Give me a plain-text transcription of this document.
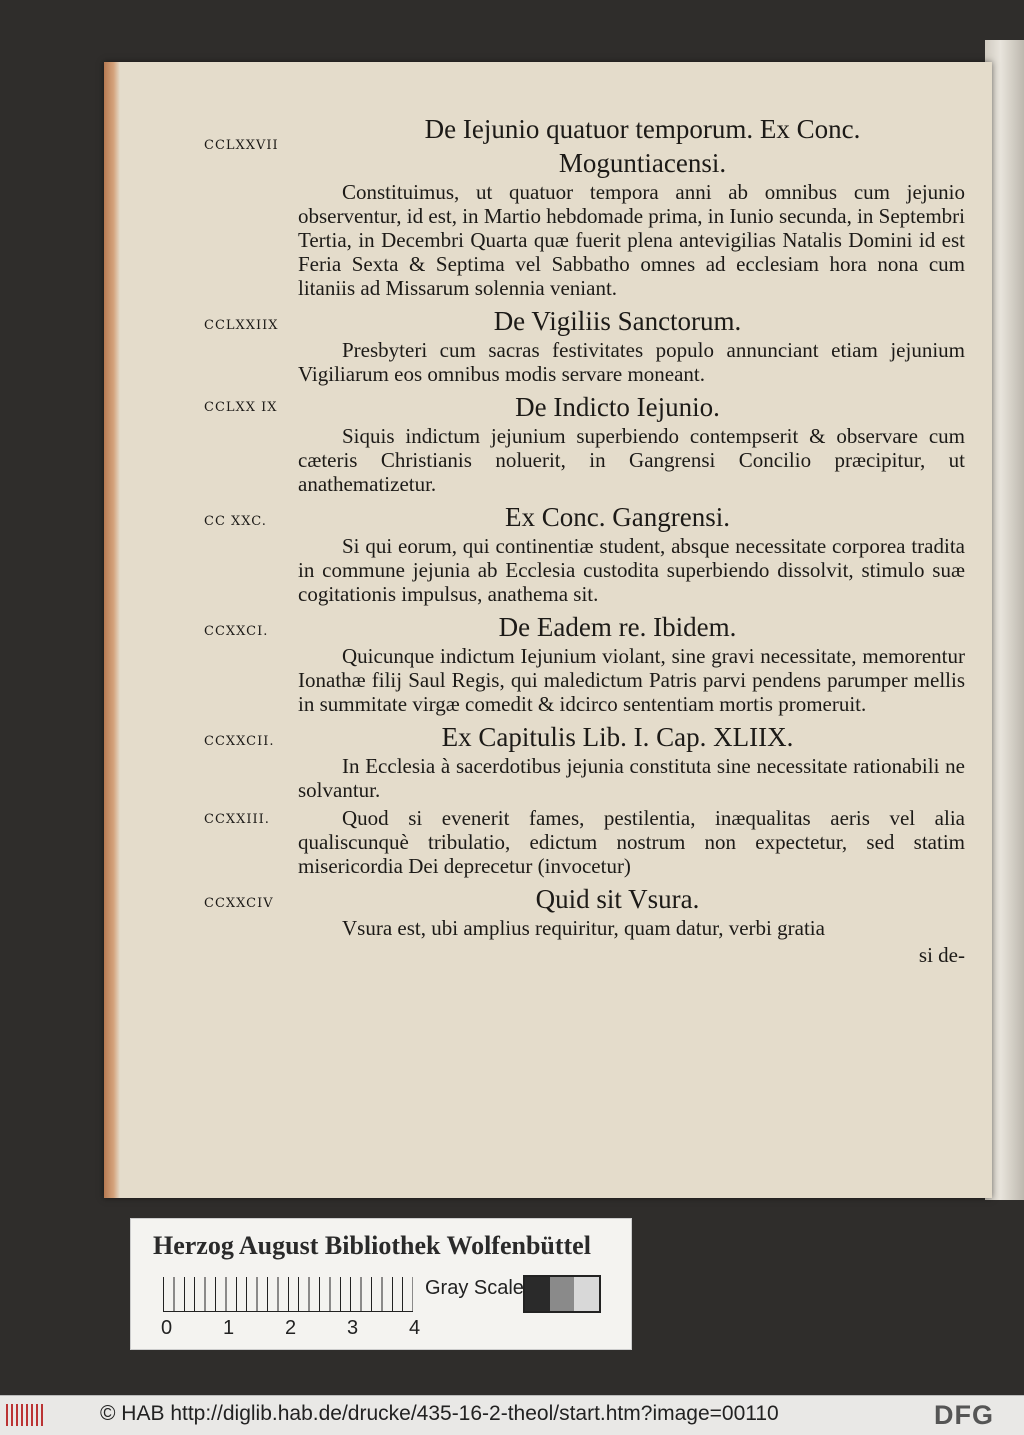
CCLXXVII
De Iejunio quatuor temporum. Ex Conc. Moguntiacensi.
Constituimus, ut quatuor tempora anni ab omnibus cum jejunio observentur, id est, in Martio hebdomade prima, in Iunio secunda, in Septembri Tertia, in Decembri Quarta quæ fuerit plena antevigilias Natalis Domini id est Feria Sexta & Septima vel Sabbatho omnes ad ecclesiam hora nona cum litaniis ad Missarum solennia veniant.
CCLXXIIX	De Vigiliis Sanctorum.
Presbyteri cum sacras festivitates populo annunciant etiam jejunium Vigiliarum eos omnibus modis servare moneant.
CCLXX IX	De Indicto Iejunio.
Siquis indictum jejunium superbiendo contempserit & observare cum cæteris Christianis noluerit, in Gangrensi Concilio præcipitur, ut anathematizetur.
CC XXC.	Ex Conc. Gangrensi.
Si qui eorum, qui continentiæ student, absque necessitate corporea tradita in commune jejunia ab Ecclesia custodita superbiendo dissolvit, stimulo suæ cogitationis impulsus, anathema sit.
CCXXCI.	De Eadem re. Ibidem.
Quicunque indictum Iejunium violant, sine gravi necessitate, memorentur Ionathæ filij Saul Regis, qui maledictum Patris parvi pendens parumper mellis in summitate virgæ comedit & idcirco sententiam mortis promeruit.
CCXXCII.	Ex Capitulis Lib. I. Cap. XLIIX.
In Ecclesia à sacerdotibus jejunia constituta sine necessitate rationabili ne solvantur.
CCXXIII.	Quod si evenerit fames, pestilentia, inæqualitas aeris vel alia qualiscunquè tribulatio, edictum nostrum non expectetur, sed statim misericordia Dei deprecetur (invocetur)
CCXXCIV	Quid sit Vsura.
Vsura est, ubi amplius requiritur, quam datur, verbi gratia
si de-
Herzog August Bibliothek Wolfenbüttel
0	1	2	3	4
Gray Scale
© HAB http://diglib.hab.de/drucke/435-16-2-theol/start.htm?image=00110	DFG
